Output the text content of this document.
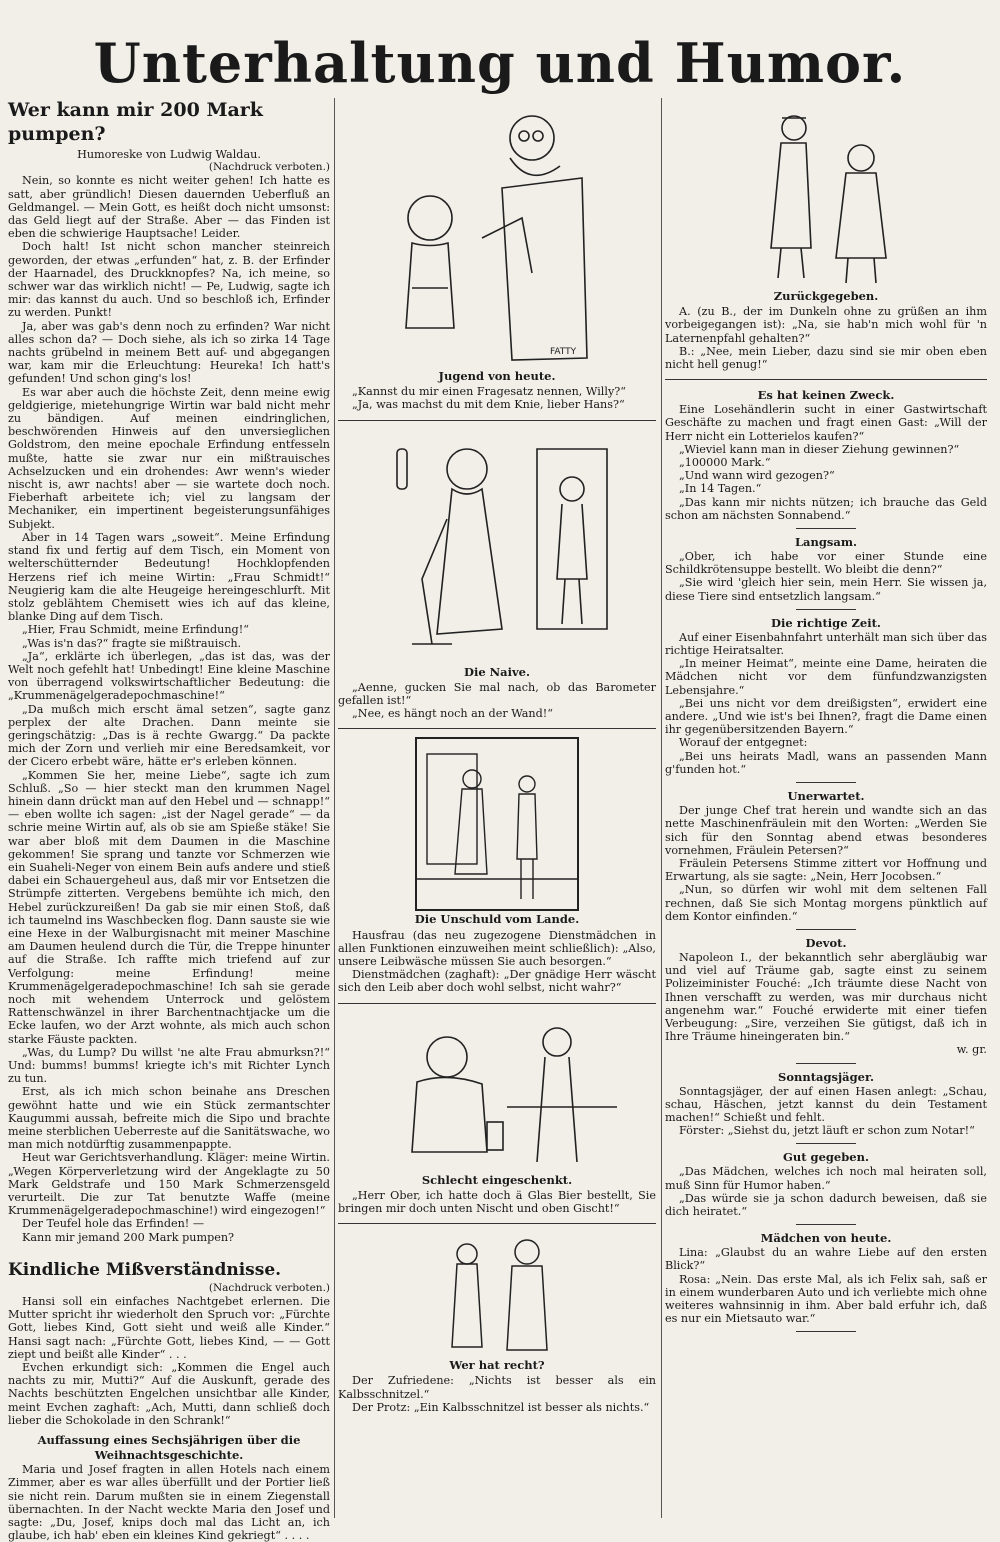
Unterhaltung und Humor.
Wer kann mir 200 Mark pumpen?
Humoreske von Ludwig Waldau.
(Nachdruck verboten.)

Nein, so konnte es nicht weiter gehen! Ich hatte es satt, aber gründlich! Diesen dauernden Ueberfluß an Geldmangel. — Mein Gott, es heißt doch nicht umsonst: das Geld liegt auf der Straße. Aber — das Finden ist eben die schwierige Hauptsache! Leider.

Doch halt! Ist nicht schon mancher steinreich geworden, der etwas „erfunden“ hat, z. B. der Erfinder der Haarnadel, des Druckknopfes? Na, ich meine, so schwer war das wirklich nicht! — Pe, Ludwig, sagte ich mir: das kannst du auch. Und so beschloß ich, Erfinder zu werden. Punkt!

Ja, aber was gab's denn noch zu erfinden? War nicht alles schon da? — Doch siehe, als ich so zirka 14 Tage nachts grübelnd in meinem Bett auf- und abgegangen war, kam mir die Erleuchtung: Heureka! Ich hatt's gefunden! Und schon ging's los!

Es war aber auch die höchste Zeit, denn meine ewig geldgierige, mietehungrige Wirtin war bald nicht mehr zu bändigen. Auf meinen eindringlichen, beschwörenden Hinweis auf den unversieglichen Goldstrom, den meine epochale Erfindung entfesseln mußte, hatte sie zwar nur ein mißtrauisches Achselzucken und ein drohendes: Awr wenn's wieder nischt is, awr nachts! aber — sie wartete doch noch. Fieberhaft arbeitete ich; viel zu langsam der Mechaniker, ein impertinent begeisterungsunfähiges Subjekt.

Aber in 14 Tagen wars „soweit“. Meine Erfindung stand fix und fertig auf dem Tisch, ein Moment von welterschütternder Bedeutung! Hochklopfenden Herzens rief ich meine Wirtin: „Frau Schmidt!“ Neugierig kam die alte Heugeige hereingeschlurft. Mit stolz geblähtem Chemisett wies ich auf das kleine, blanke Ding auf dem Tisch.

„Hier, Frau Schmidt, meine Erfindung!“

„Was is'n das?“ fragte sie mißtrauisch.

„Ja“, erklärte ich überlegen, „das ist das, was der Welt noch gefehlt hat! Unbedingt! Eine kleine Maschine von überragend volkswirtschaftlicher Bedeutung: die „Krummenägelgeradepochmaschine!“

„Da mußch mich erscht ämal setzen“, sagte ganz perplex der alte Drachen. Dann meinte sie geringschätzig: „Das is ä rechte Gwargg.“ Da packte mich der Zorn und verlieh mir eine Beredsamkeit, vor der Cicero erbebt wäre, hätte er's erleben können.

„Kommen Sie her, meine Liebe“, sagte ich zum Schluß. „So — hier steckt man den krummen Nagel hinein dann drückt man auf den Hebel und — schnapp!“ — eben wollte ich sagen: „ist der Nagel gerade“ — da schrie meine Wirtin auf, als ob sie am Spieße stäke! Sie war aber bloß mit dem Daumen in die Maschine gekommen! Sie sprang und tanzte vor Schmerzen wie ein Suaheli-Neger von einem Bein aufs andere und stieß dabei ein Schauergeheul aus, daß mir vor Entsetzen die Strümpfe zitterten. Vergebens bemühte ich mich, den Hebel zurückzureißen! Da gab sie mir einen Stoß, daß ich taumelnd ins Waschbecken flog. Dann sauste sie wie eine Hexe in der Walburgisnacht mit meiner Maschine am Daumen heulend durch die Tür, die Treppe hinunter auf die Straße. Ich raffte mich triefend auf zur Verfolgung: meine Erfindung! meine Krummenägelgeradepochmaschine! Ich sah sie gerade noch mit wehendem Unterrock und gelöstem Rattenschwänzel in ihrer Barchentnachtjacke um die Ecke laufen, wo der Arzt wohnte, als mich auch schon starke Fäuste packten.

„Was, du Lump? Du willst 'ne alte Frau abmurksn?!“ Und: bumms! bumms! kriegte ich's mit Richter Lynch zu tun.

Erst, als ich mich schon beinahe ans Dreschen gewöhnt hatte und wie ein Stück zermantschter Kaugummi aussah, befreite mich die Sipo und brachte meine sterblichen Ueberreste auf die Sanitätswache, wo man mich notdürftig zusammenpappte.

Heut war Gerichtsverhandlung. Kläger: meine Wirtin. „Wegen Körperverletzung wird der Angeklagte zu 50 Mark Geldstrafe und 150 Mark Schmerzensgeld verurteilt. Die zur Tat benutzte Waffe (meine Krummenägelgeradepochmaschine!) wird eingezogen!“

Der Teufel hole das Erfinden! —

Kann mir jemand 200 Mark pumpen?

Kindliche Mißverständnisse.
(Nachdruck verboten.)

Hansi soll ein einfaches Nachtgebet erlernen. Die Mutter spricht ihr wiederholt den Spruch vor: „Fürchte Gott, liebes Kind, Gott sieht und weiß alle Kinder.“ Hansi sagt nach: „Fürchte Gott, liebes Kind, — — Gott ziept und beißt alle Kinder“ . . .

Evchen erkundigt sich: „Kommen die Engel auch nachts zu mir, Mutti?“ Auf die Auskunft, gerade des Nachts beschützten Engelchen unsichtbar alle Kinder, meint Evchen zaghaft: „Ach, Mutti, dann schließ doch lieber die Schokolade in den Schrank!“

Auffassung eines Sechsjährigen über die Weihnachtsgeschichte.

Maria und Josef fragten in allen Hotels nach einem Zimmer, aber es war alles überfüllt und der Portier ließ sie nicht rein. Darum mußten sie in einem Ziegenstall übernachten. In der Nacht weckte Maria den Josef und sagte: „Du, Josef, knips doch mal das Licht an, ich glaube, ich hab' eben ein kleines Kind gekriegt“ . . . .

FATTY
Jugend von heute.

„Kannst du mir einen Fragesatz nennen, Willy?“

„Ja, was machst du mit dem Knie, lieber Hans?“

Die Naive.

„Aenne, gucken Sie mal nach, ob das Barometer gefallen ist!“

„Nee, es hängt noch an der Wand!“

Die Unschuld vom Lande.

Hausfrau (das neu zugezogene Dienstmädchen in allen Funktionen einzuweihen meint schließlich): „Also, unsere Leibwäsche müssen Sie auch besorgen.“

Dienstmädchen (zaghaft): „Der gnädige Herr wäscht sich den Leib aber doch wohl selbst, nicht wahr?“

Schlecht eingeschenkt.

„Herr Ober, ich hatte doch ä Glas Bier bestellt, Sie bringen mir doch unten Nischt und oben Gischt!“

Wer hat recht?

Der Zufriedene: „Nichts ist besser als ein Kalbsschnitzel.“

Der Protz: „Ein Kalbsschnitzel ist besser als nichts.“

Zurückgegeben.

A. (zu B., der im Dunkeln ohne zu grüßen an ihm vorbeigegangen ist): „Na, sie hab'n mich wohl für 'n Laternenpfahl gehalten?“

B.: „Nee, mein Lieber, dazu sind sie mir oben eben nicht hell genug!“

Es hat keinen Zweck.

Eine Losehändlerin sucht in einer Gastwirtschaft Geschäfte zu machen und fragt einen Gast: „Will der Herr nicht ein Lotterielos kaufen?“

„Wieviel kann man in dieser Ziehung gewinnen?“

„100000 Mark.“

„Und wann wird gezogen?“

„In 14 Tagen.“

„Das kann mir nichts nützen; ich brauche das Geld schon am nächsten Sonnabend.“

Langsam.

„Ober, ich habe vor einer Stunde eine Schildkrötensuppe bestellt. Wo bleibt die denn?“

„Sie wird 'gleich hier sein, mein Herr. Sie wissen ja, diese Tiere sind entsetzlich langsam.“

Die richtige Zeit.

Auf einer Eisenbahnfahrt unterhält man sich über das richtige Heiratsalter.

„In meiner Heimat“, meinte eine Dame, heiraten die Mädchen nicht vor dem fünfundzwanzigsten Lebensjahre.“

„Bei uns nicht vor dem dreißigsten“, erwidert eine andere. „Und wie ist's bei Ihnen?, fragt die Dame einen ihr gegenübersitzenden Bayern.“

Worauf der entgegnet:

„Bei uns heirats Madl, wans an passenden Mann g'funden hot.“

Unerwartet.

Der junge Chef trat herein und wandte sich an das nette Maschinenfräulein mit den Worten: „Werden Sie sich für den Sonntag abend etwas besonderes vornehmen, Fräulein Petersen?“

Fräulein Petersens Stimme zittert vor Hoffnung und Erwartung, als sie sagte: „Nein, Herr Jocobsen.“

„Nun, so dürfen wir wohl mit dem seltenen Fall rechnen, daß Sie sich Montag morgens pünktlich auf dem Kontor einfinden.“

Devot.

Napoleon I., der bekanntlich sehr abergläubig war und viel auf Träume gab, sagte einst zu seinem Polizeiminister Fouché: „Ich träumte diese Nacht von Ihnen verschafft zu werden, was mir durchaus nicht angenehm war.“ Fouché erwiderte mit einer tiefen Verbeugung: „Sire, verzeihen Sie gütigst, daß ich in Ihre Träume hineingeraten bin.“

w. gr.
Sonntagsjäger.

Sonntagsjäger, der auf einen Hasen anlegt: „Schau, schau, Häschen, jetzt kannst du dein Testament machen!“ Schießt und fehlt.

Förster: „Siehst du, jetzt läuft er schon zum Notar!“

Gut gegeben.

„Das Mädchen, welches ich noch mal heiraten soll, muß Sinn für Humor haben.“

„Das würde sie ja schon dadurch beweisen, daß sie dich heiratet.“

Mädchen von heute.

Lina: „Glaubst du an wahre Liebe auf den ersten Blick?“

Rosa: „Nein. Das erste Mal, als ich Felix sah, saß er in einem wunderbaren Auto und ich verliebte mich ohne weiteres wahnsinnig in ihm. Aber bald erfuhr ich, daß es nur ein Mietsauto war.“
